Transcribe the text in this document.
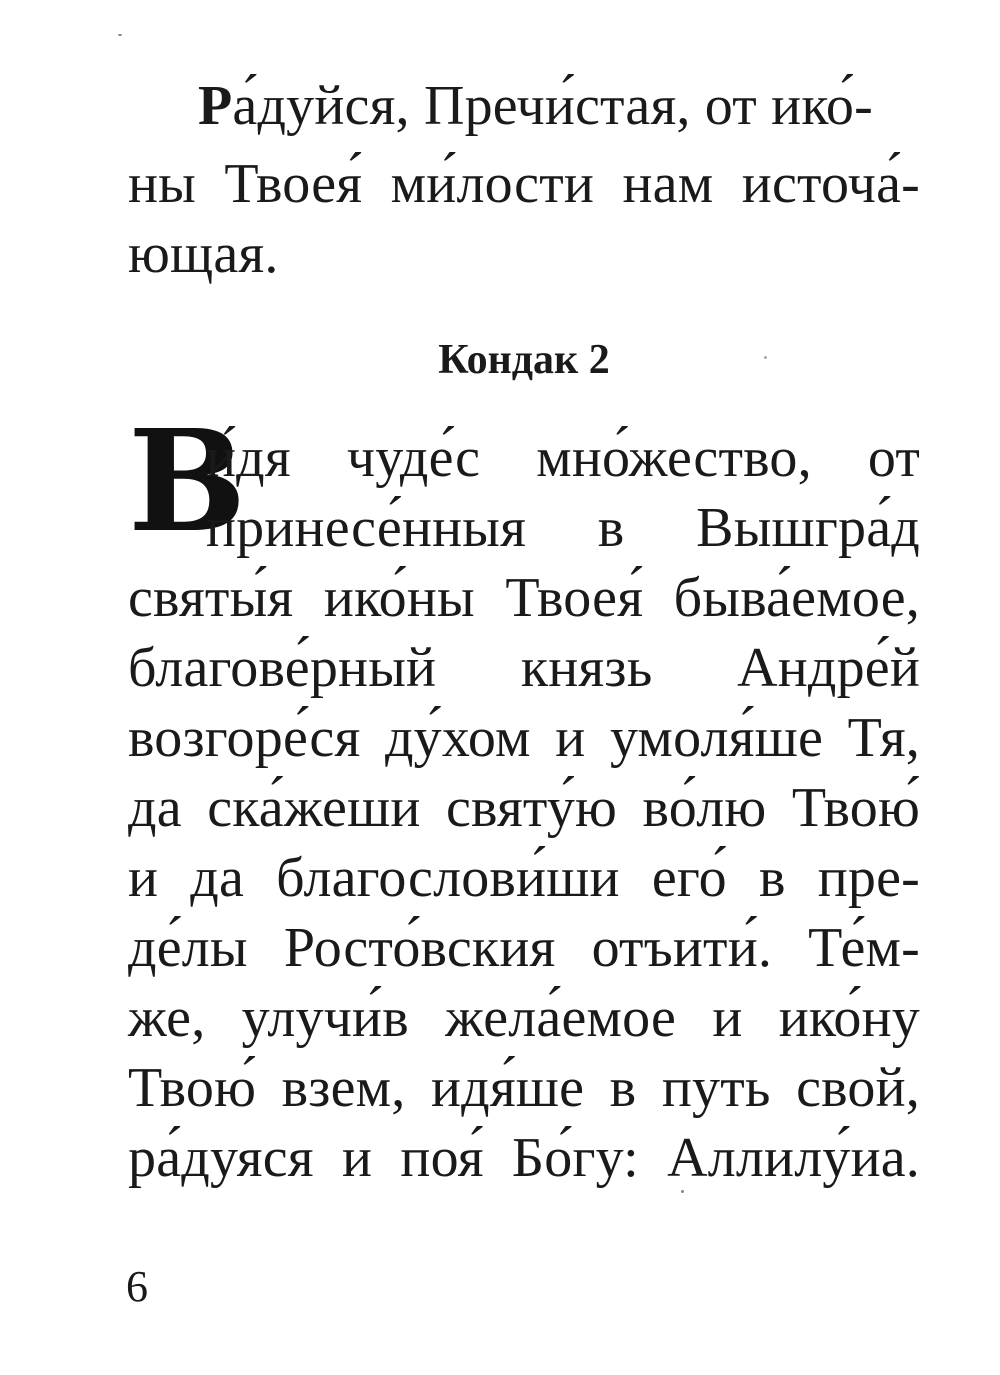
Ра́дуйся, Пречи́стая, от ико́-
ны Твоея́ ми́лости нам источа́-
ющая.
Кондак 2
В
и́дя чуде́с мно́жество, от
принесе́нныя в Вышгра́д
святы́я ико́ны Твоея́ быва́емое,
благове́рный князь Андре́й
возгоре́ся ду́хом и умоля́ше Тя,
да ска́жеши святу́ю во́лю Твою́
и да благослови́ши его́ в пре-
де́лы Росто́вския отъити́. Те́м-
же, улучи́в жела́емое и ико́ну
Твою́ взем, идя́ше в путь свой,
ра́дуяся и поя́ Бо́гу: Аллилу́иа.
6
